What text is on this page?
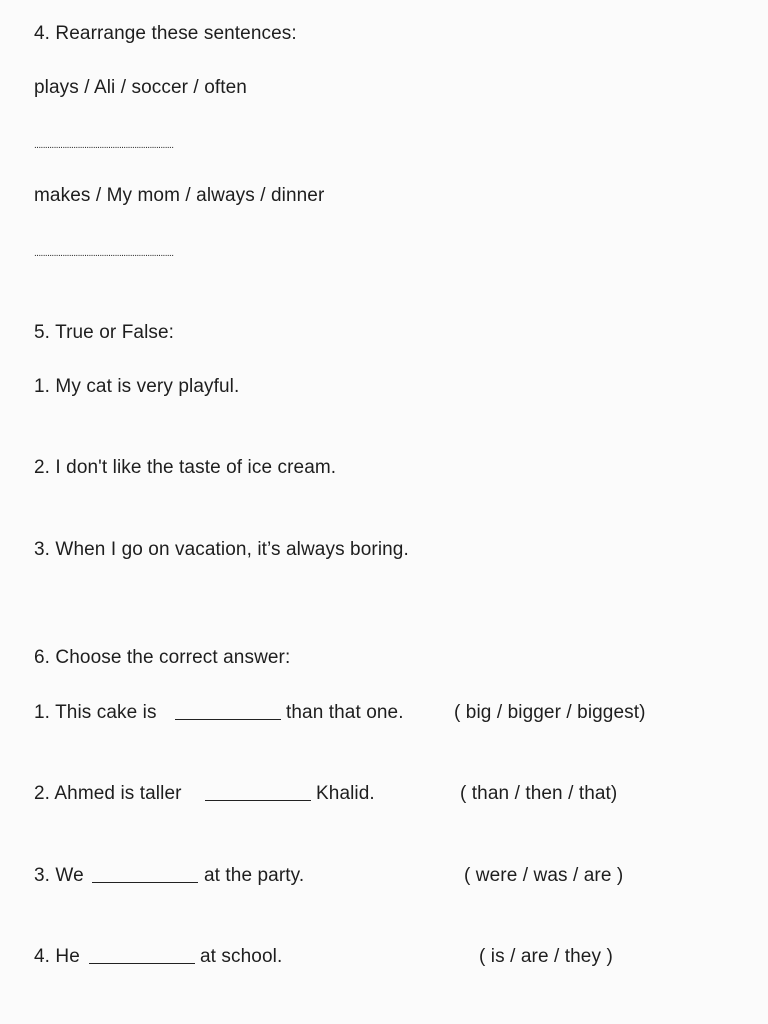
4. Rearrange these sentences:
plays / Ali / soccer / often
................................................................
makes / My mom / always / dinner
................................................................
5. True or False:
1. My cat is very playful.
2. I don't like the taste of ice cream.
3. When I go on vacation, it’s always boring.
6. Choose the correct answer:
1. This cake is	than that one.	( big / bigger / biggest)
2. Ahmed is taller	Khalid.	( than / then / that)
3. We	at the party.	( were / was / are )
4. He	at school.	( is / are / they )
